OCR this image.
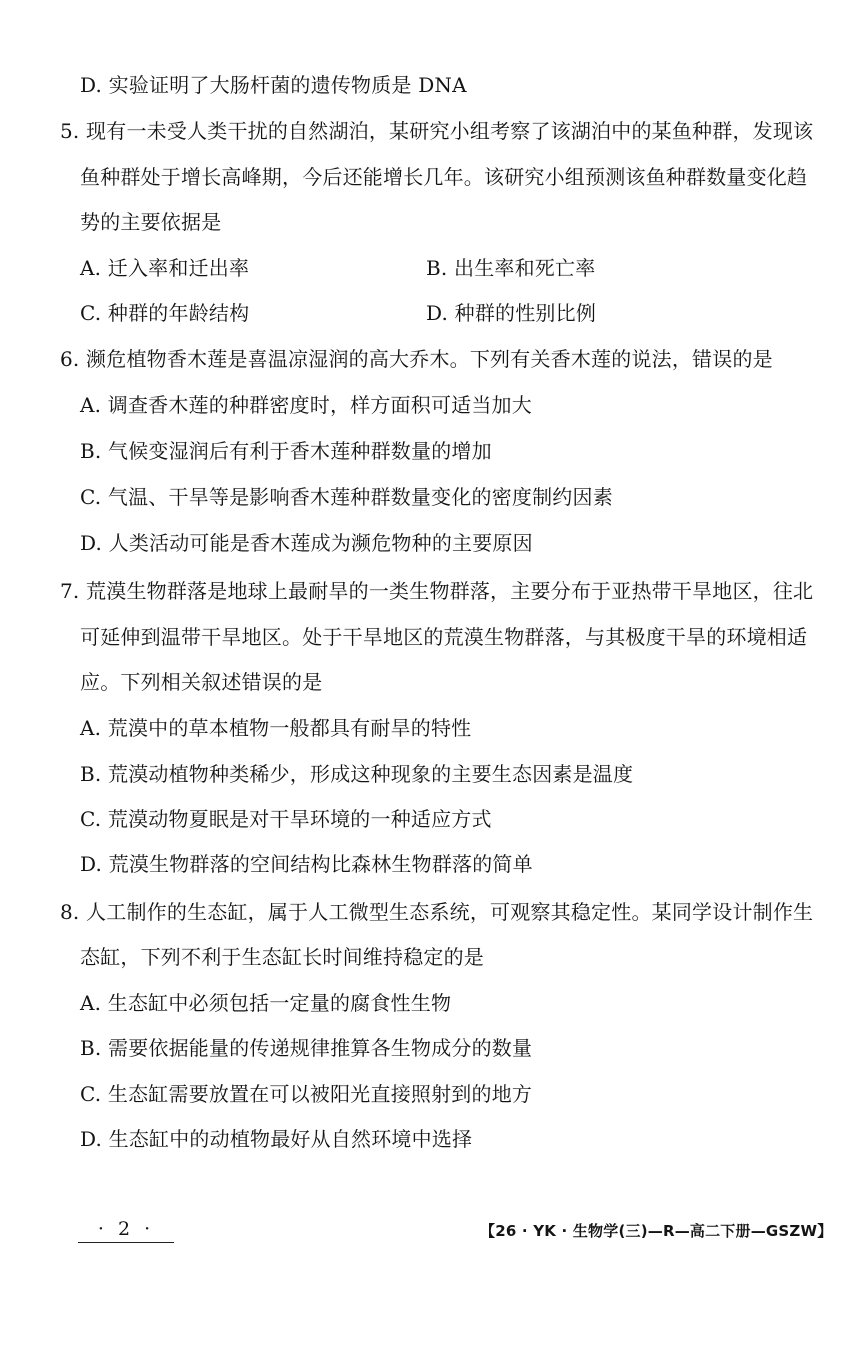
D. 实验证明了大肠杆菌的遗传物质是 DNA
5. 现有一未受人类干扰的自然湖泊，某研究小组考察了该湖泊中的某鱼种群，发现该
鱼种群处于增长高峰期，今后还能增长几年。该研究小组预测该鱼种群数量变化趋
势的主要依据是
A. 迁入率和迁出率	B. 出生率和死亡率
C. 种群的年龄结构	D. 种群的性别比例
6. 濒危植物香木莲是喜温凉湿润的高大乔木。下列有关香木莲的说法，错误的是
A. 调查香木莲的种群密度时，样方面积可适当加大
B. 气候变湿润后有利于香木莲种群数量的增加
C. 气温、干旱等是影响香木莲种群数量变化的密度制约因素
D. 人类活动可能是香木莲成为濒危物种的主要原因
7. 荒漠生物群落是地球上最耐旱的一类生物群落，主要分布于亚热带干旱地区，往北
可延伸到温带干旱地区。处于干旱地区的荒漠生物群落，与其极度干旱的环境相适
应。下列相关叙述错误的是
A. 荒漠中的草本植物一般都具有耐旱的特性
B. 荒漠动植物种类稀少，形成这种现象的主要生态因素是温度
C. 荒漠动物夏眠是对干旱环境的一种适应方式
D. 荒漠生物群落的空间结构比森林生物群落的简单
8. 人工制作的生态缸，属于人工微型生态系统，可观察其稳定性。某同学设计制作生
态缸，下列不利于生态缸长时间维持稳定的是
A. 生态缸中必须包括一定量的腐食性生物
B. 需要依据能量的传递规律推算各生物成分的数量
C. 生态缸需要放置在可以被阳光直接照射到的地方
D. 生态缸中的动植物最好从自然环境中选择
· 2 ·	【26 · YK · 生物学(三)—R—高二下册—GSZW】
